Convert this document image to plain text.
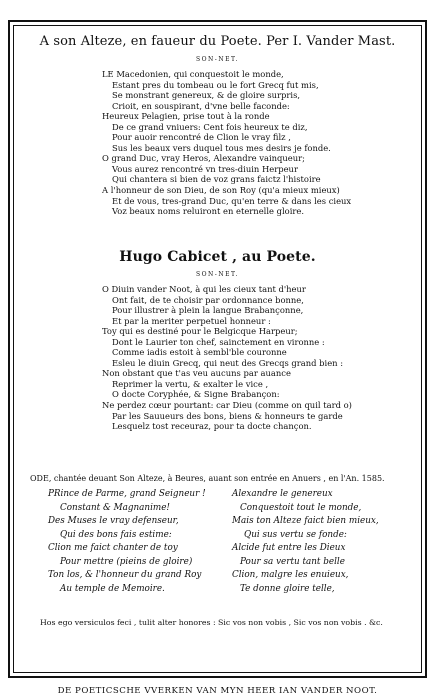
A son Alteze, en faueur du Poete. Per I. Vander Mast.
SON-NET.
LE Macedonien, qui conquestoit le monde,
Estant pres du tombeau ou le fort Grecq fut mis,
Se monstrant genereux, & de gloire surpris,
Crioit, en souspirant, d'vne belle faconde:
Heureux Pelagien, prise tout à la ronde
De ce grand vniuers: Cent fois heureux te diz,
Pour auoir rencontré de Clion le vray filz ,
Sus les beaux vers duquel tous mes desirs je fonde.
O grand Duc, vray Heros, Alexandre vainqueur;
Vous aurez rencontré vn tres-diuin Herpeur
Qui chantera si bien de voz grans faictz l'histoire
A l'honneur de son Dieu, de son Roy (qu'a mieux mieux)
Et de vous, tres-grand Duc, qu'en terre & dans les cieux
Voz beaux noms reluiront en eternelle gloire.
Hugo Cabicet , au Poete.
SON-NET.
O Diuin vander Noot, à qui les cieux tant d'heur
Ont fait, de te choisir par ordonnance bonne,
Pour illustrer à plein la langue Brabançonne,
Et par la meriter perpetuel honneur :
Toy qui es destiné pour le Belgicque Harpeur;
Dont le Laurier ton chef, sainctement en vironne :
Comme iadis estoit à sembl'ble couronne
Esleu le diuin Grecq, qui neut des Grecqs grand bien :
Non obstant que t'as veu aucuns par auance
Reprimer la vertu, & exalter le vice ,
O docte Coryphée, & Signe Brabançon:
Ne perdez cœur pourtant: car Dieu (comme on quil tard o)
Par les Sauueurs des bons, biens & honneurs te garde
Lesquelz tost receuraz, pour ta docte chançon.
ODE, chantée deuant Son Alteze, à Beures, auant son entrée en Anuers , en l'An. 1585.
PRince de Parme, grand Seigneur !
Constant & Magnanime!
Des Muses le vray defenseur,
Qui des bons fais estime:
Clion me faict chanter de toy
Pour mettre (pieins de gloire)
Ton los, & l'honneur du grand Roy
Au temple de Memoire.
Alexandre le genereux
Conquestoit tout le monde,
Mais ton Alteze faict bien mieux,
Qui sus vertu se fonde:
Alcide fut entre les Dieux
Pour sa vertu tant belle
Clion, malgre les enuieux,
Te donne gloire telle,
Hos ego versiculos feci , tulit alter honores : Sic vos non vobis , Sic vos non vobis . &c.
DE POETICSCHE VVERKEN VAN MYN HEER IAN VANDER NOOT.
